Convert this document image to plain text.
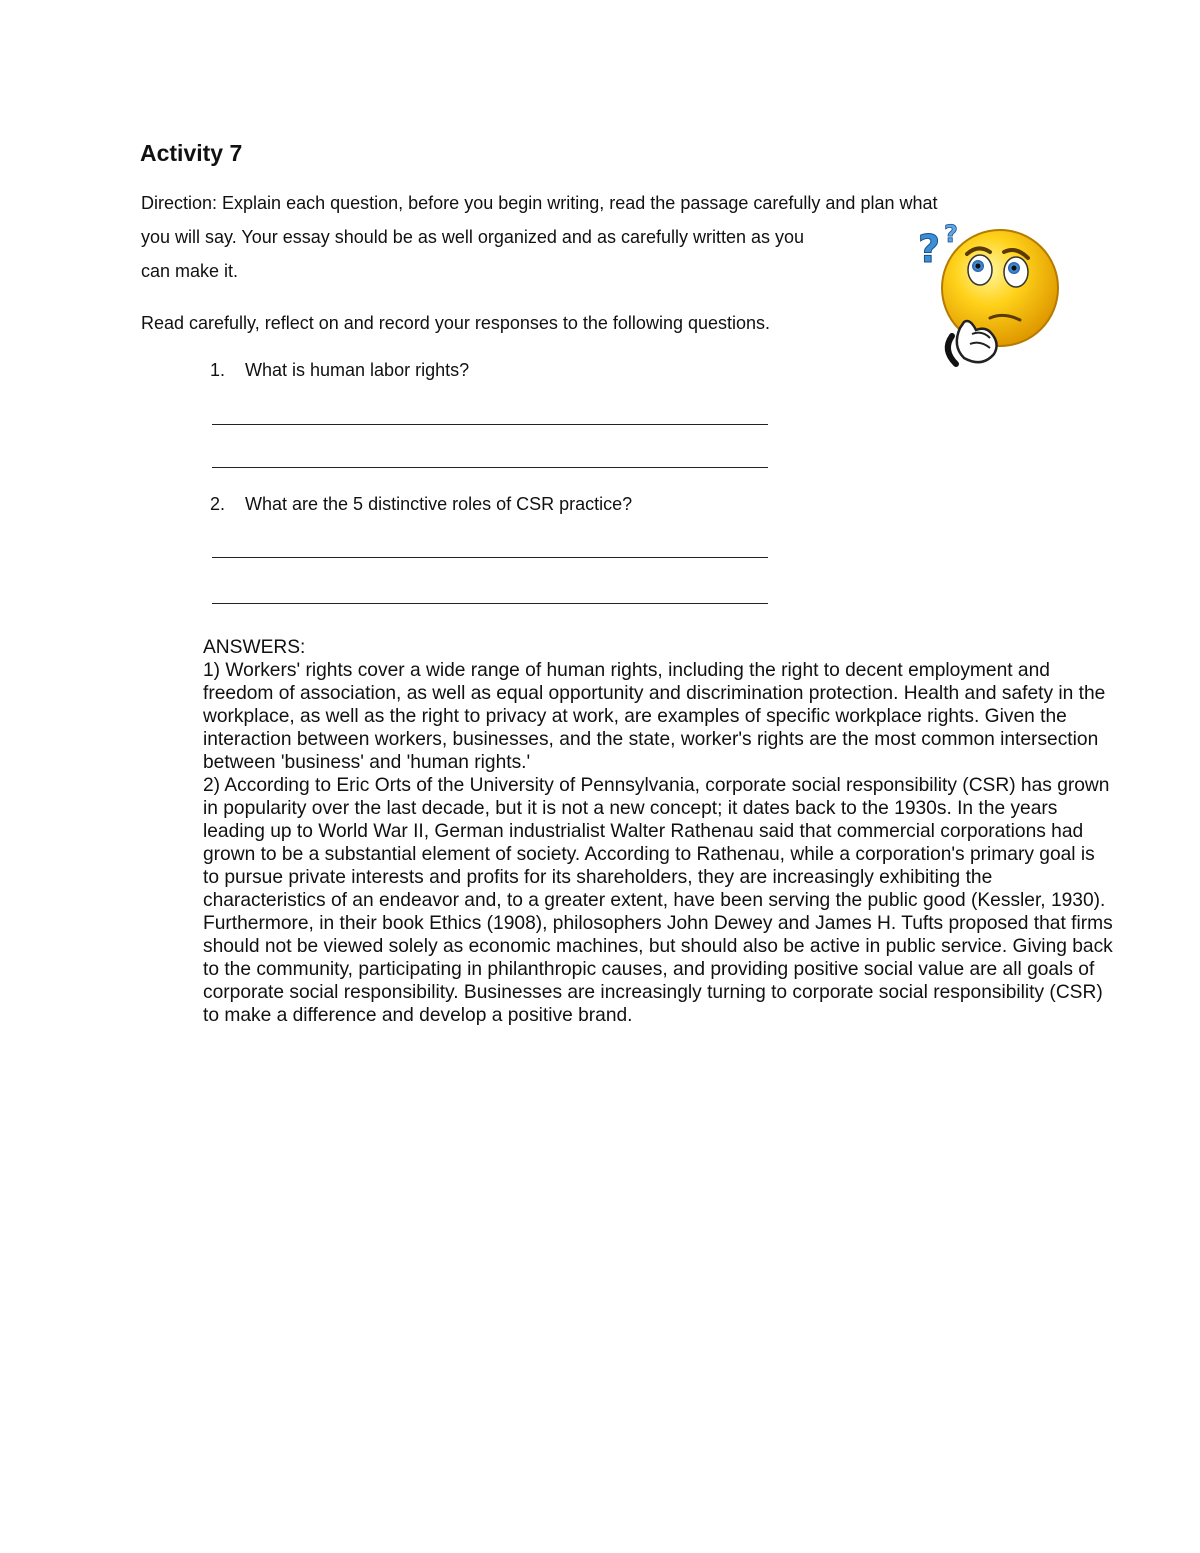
Activity 7
Direction: Explain each question, before you begin writing, read the passage carefully and plan what
you will say. Your essay should be as well organized and as carefully written as you
can make it.

Read carefully, reflect on and record your responses to the following questions.

? ?

1. What is human labor rights?

2. What are the 5 distinctive roles of CSR practice?

ANSWERS:

1) Workers' rights cover a wide range of human rights, including the right to decent employment and freedom of association, as well as equal opportunity and discrimination protection. Health and safety in the workplace, as well as the right to privacy at work, are examples of specific workplace rights. Given the interaction between workers, businesses, and the state, worker's rights are the most common intersection between 'business' and 'human rights.'

2) According to Eric Orts of the University of Pennsylvania, corporate social responsibility (CSR) has grown in popularity over the last decade, but it is not a new concept; it dates back to the 1930s. In the years leading up to World War II, German industrialist Walter Rathenau said that commercial corporations had grown to be a substantial element of society. According to Rathenau, while a corporation's primary goal is to pursue private interests and profits for its shareholders, they are increasingly exhibiting the characteristics of an endeavor and, to a greater extent, have been serving the public good (Kessler, 1930). Furthermore, in their book Ethics (1908), philosophers John Dewey and James H. Tufts proposed that firms should not be viewed solely as economic machines, but should also be active in public service. Giving back to the community, participating in philanthropic causes, and providing positive social value are all goals of corporate social responsibility. Businesses are increasingly turning to corporate social responsibility (CSR) to make a difference and develop a positive brand.
